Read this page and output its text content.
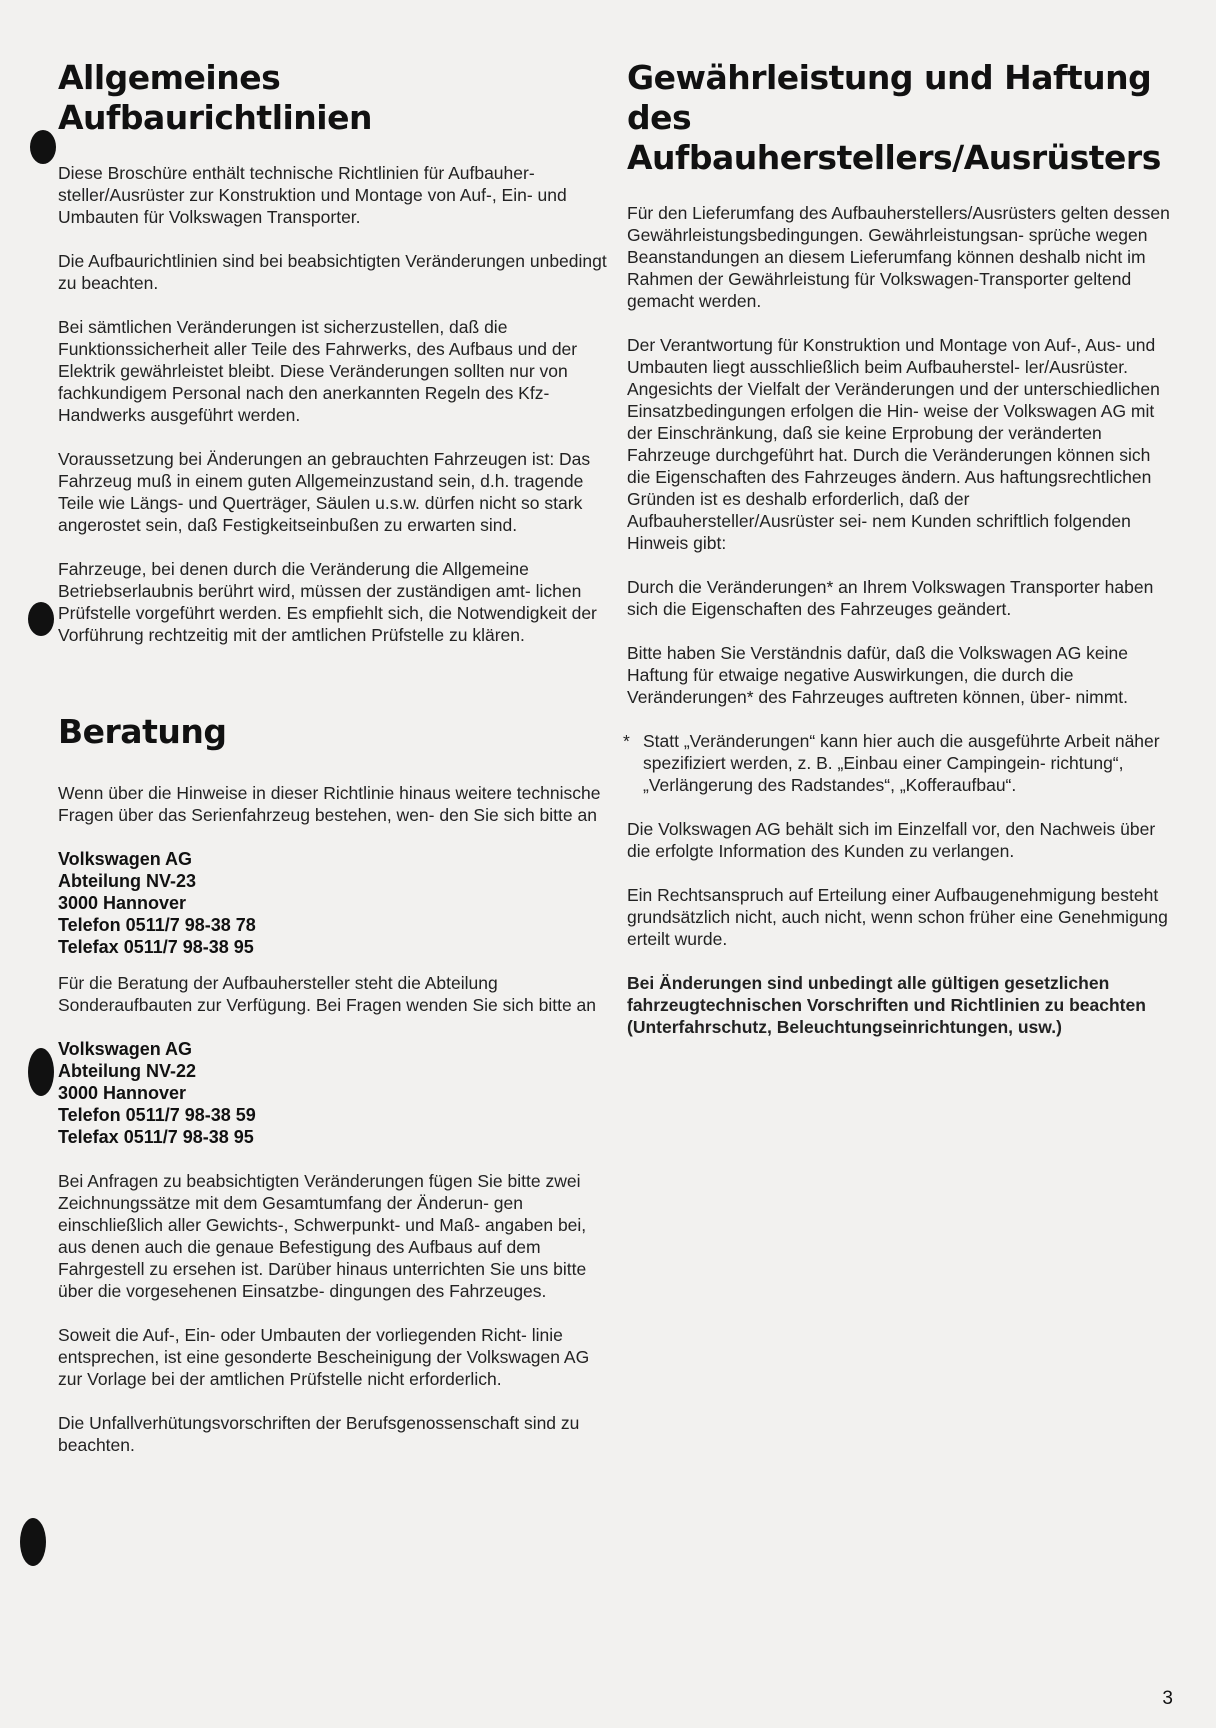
Allgemeines
Aufbaurichtlinien

Diese Broschüre enthält technische Richtlinien für Aufbauher- steller/Ausrüster zur Konstruktion und Montage von Auf-, Ein- und Umbauten für Volkswagen Transporter.

Die Aufbaurichtlinien sind bei beabsichtigten Veränderungen unbedingt zu beachten.

Bei sämtlichen Veränderungen ist sicherzustellen, daß die Funktionssicherheit aller Teile des Fahrwerks, des Aufbaus und der Elektrik gewährleistet bleibt. Diese Veränderungen sollten nur von fachkundigem Personal nach den anerkannten Regeln des Kfz-Handwerks ausgeführt werden.

Voraussetzung bei Änderungen an gebrauchten Fahrzeugen ist: Das Fahrzeug muß in einem guten Allgemeinzustand sein, d.h. tragende Teile wie Längs- und Querträger, Säulen u.s.w. dürfen nicht so stark angerostet sein, daß Festigkeitseinbußen zu erwarten sind.

Fahrzeuge, bei denen durch die Veränderung die Allgemeine Betriebserlaubnis berührt wird, müssen der zuständigen amt- lichen Prüfstelle vorgeführt werden. Es empfiehlt sich, die Notwendigkeit der Vorführung rechtzeitig mit der amtlichen Prüfstelle zu klären.

Beratung

Wenn über die Hinweise in dieser Richtlinie hinaus weitere technische Fragen über das Serienfahrzeug bestehen, wen- den Sie sich bitte an

Volkswagen AG
Abteilung NV-23
3000 Hannover
Telefon 0511/7 98-38 78
Telefax 0511/7 98-38 95

Für die Beratung der Aufbauhersteller steht die Abteilung Sonderaufbauten zur Verfügung. Bei Fragen wenden Sie sich bitte an

Volkswagen AG
Abteilung NV-22
3000 Hannover
Telefon 0511/7 98-38 59
Telefax 0511/7 98-38 95

Bei Anfragen zu beabsichtigten Veränderungen fügen Sie bitte zwei Zeichnungssätze mit dem Gesamtumfang der Änderun- gen einschließlich aller Gewichts-, Schwerpunkt- und Maß- angaben bei, aus denen auch die genaue Befestigung des Aufbaus auf dem Fahrgestell zu ersehen ist. Darüber hinaus unterrichten Sie uns bitte über die vorgesehenen Einsatzbe- dingungen des Fahrzeuges.

Soweit die Auf-, Ein- oder Umbauten der vorliegenden Richt- linie entsprechen, ist eine gesonderte Bescheinigung der Volkswagen AG zur Vorlage bei der amtlichen Prüfstelle nicht erforderlich.

Die Unfallverhütungsvorschriften der Berufsgenossenschaft sind zu beachten.

Gewährleistung und Haftung
des Aufbauherstellers/Ausrüsters

Für den Lieferumfang des Aufbauherstellers/Ausrüsters gelten dessen Gewährleistungsbedingungen. Gewährleistungsan- sprüche wegen Beanstandungen an diesem Lieferumfang können deshalb nicht im Rahmen der Gewährleistung für Volkswagen-Transporter geltend gemacht werden.

Der Verantwortung für Konstruktion und Montage von Auf-, Aus- und Umbauten liegt ausschließlich beim Aufbauherstel- ler/Ausrüster. Angesichts der Vielfalt der Veränderungen und der unterschiedlichen Einsatzbedingungen erfolgen die Hin- weise der Volkswagen AG mit der Einschränkung, daß sie keine Erprobung der veränderten Fahrzeuge durchgeführt hat. Durch die Veränderungen können sich die Eigenschaften des Fahrzeuges ändern. Aus haftungsrechtlichen Gründen ist es deshalb erforderlich, daß der Aufbauhersteller/Ausrüster sei- nem Kunden schriftlich folgenden Hinweis gibt:

Durch die Veränderungen* an Ihrem Volkswagen Transporter haben sich die Eigenschaften des Fahrzeuges geändert.

Bitte haben Sie Verständnis dafür, daß die Volkswagen AG keine Haftung für etwaige negative Auswirkungen, die durch die Veränderungen* des Fahrzeuges auftreten können, über- nimmt.

* Statt „Veränderungen“ kann hier auch die ausgeführte Arbeit näher spezifiziert werden, z. B. „Einbau einer Campingein- richtung“, „Verlängerung des Radstandes“, „Kofferaufbau“.

Die Volkswagen AG behält sich im Einzelfall vor, den Nachweis über die erfolgte Information des Kunden zu verlangen.

Ein Rechtsanspruch auf Erteilung einer Aufbaugenehmigung besteht grundsätzlich nicht, auch nicht, wenn schon früher eine Genehmigung erteilt wurde.

Bei Änderungen sind unbedingt alle gültigen gesetzlichen fahrzeugtechnischen Vorschriften und Richtlinien zu beachten (Unterfahrschutz, Beleuchtungseinrichtungen, usw.)

3
